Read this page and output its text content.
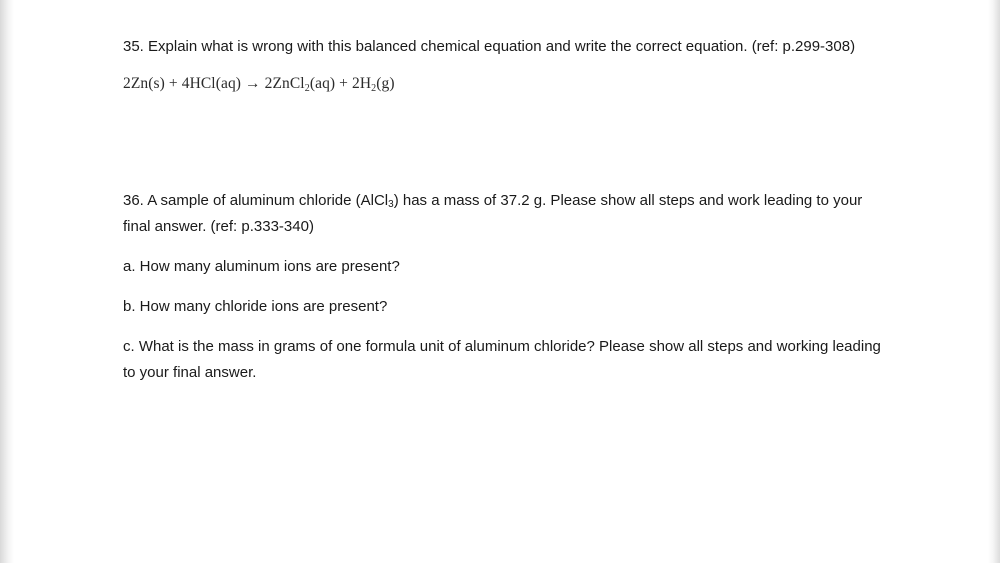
35. Explain what is wrong with this balanced chemical equation and write the correct equation. (ref: p.299-308)

2Zn(s) + 4HCl(aq) → 2ZnCl$_2$(aq) + $2H_2(g)$

36. A sample of aluminum chloride (AlCl$_3$) has a mass of 37.2 g. Please show all steps and work leading to your final answer. (ref: p.333-340)

a. How many aluminum ions are present?

b. How many chloride ions are present?

c. What is the mass in grams of one formula unit of aluminum chloride? Please show all steps and working leading to your final answer.
